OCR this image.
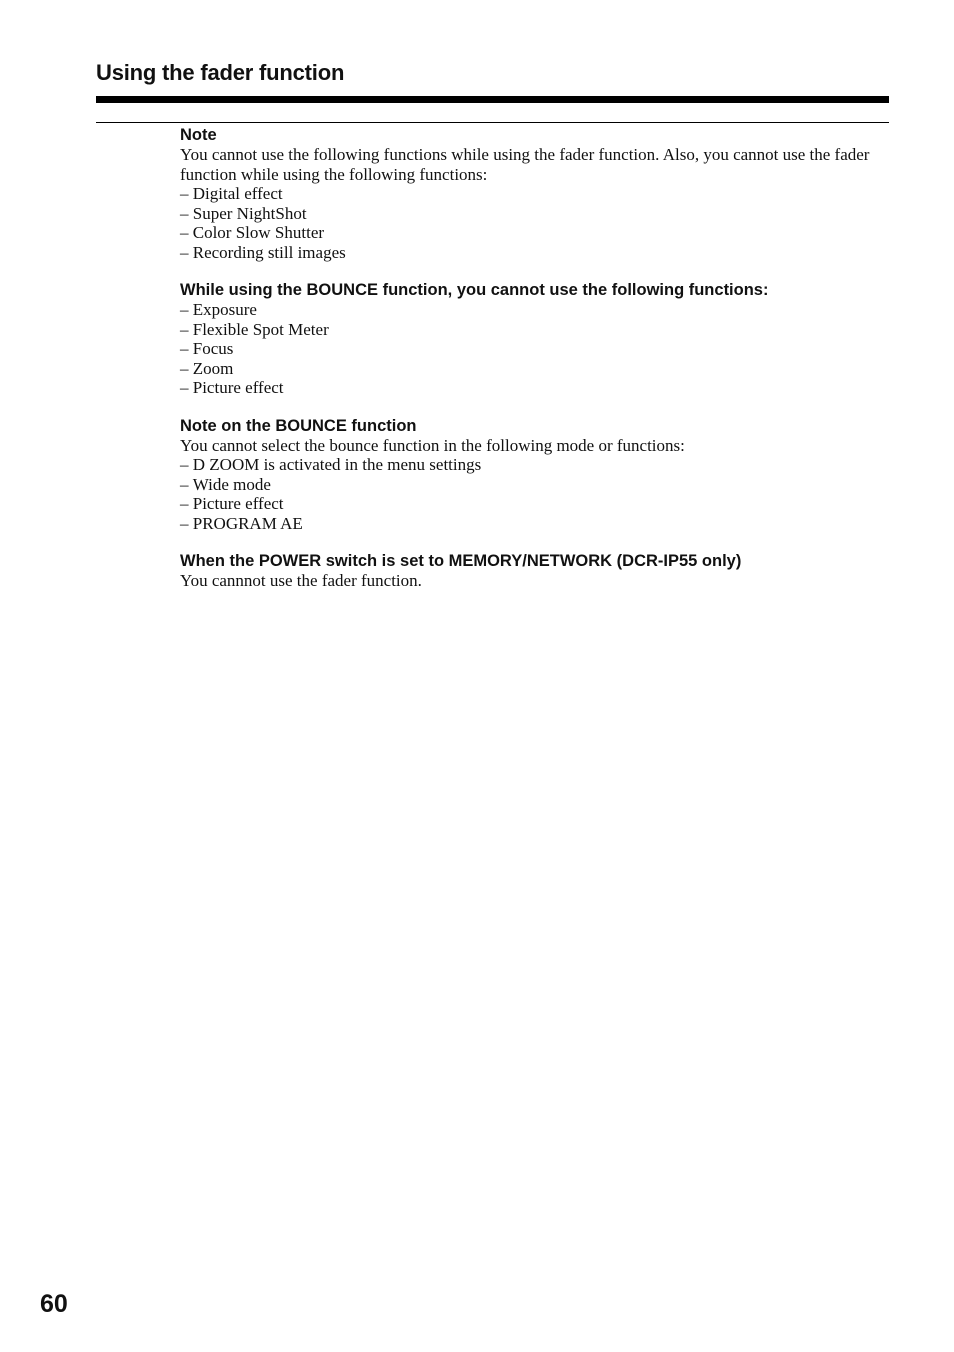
Using the fader function
Note

You cannot use the following functions while using the fader function. Also, you cannot use the fader function while using the following functions:

– Digital effect
– Super NightShot
– Color Slow Shutter
– Recording still images
While using the BOUNCE function, you cannot use the following functions:
– Exposure
– Flexible Spot Meter
– Focus
– Zoom
– Picture effect
Note on the BOUNCE function

You cannot select the bounce function in the following mode or functions:

– D ZOOM is activated in the menu settings
– Wide mode
– Picture effect
– PROGRAM AE
When the POWER switch is set to MEMORY/NETWORK (DCR-IP55 only)

You cannnot use the fader function.

60
